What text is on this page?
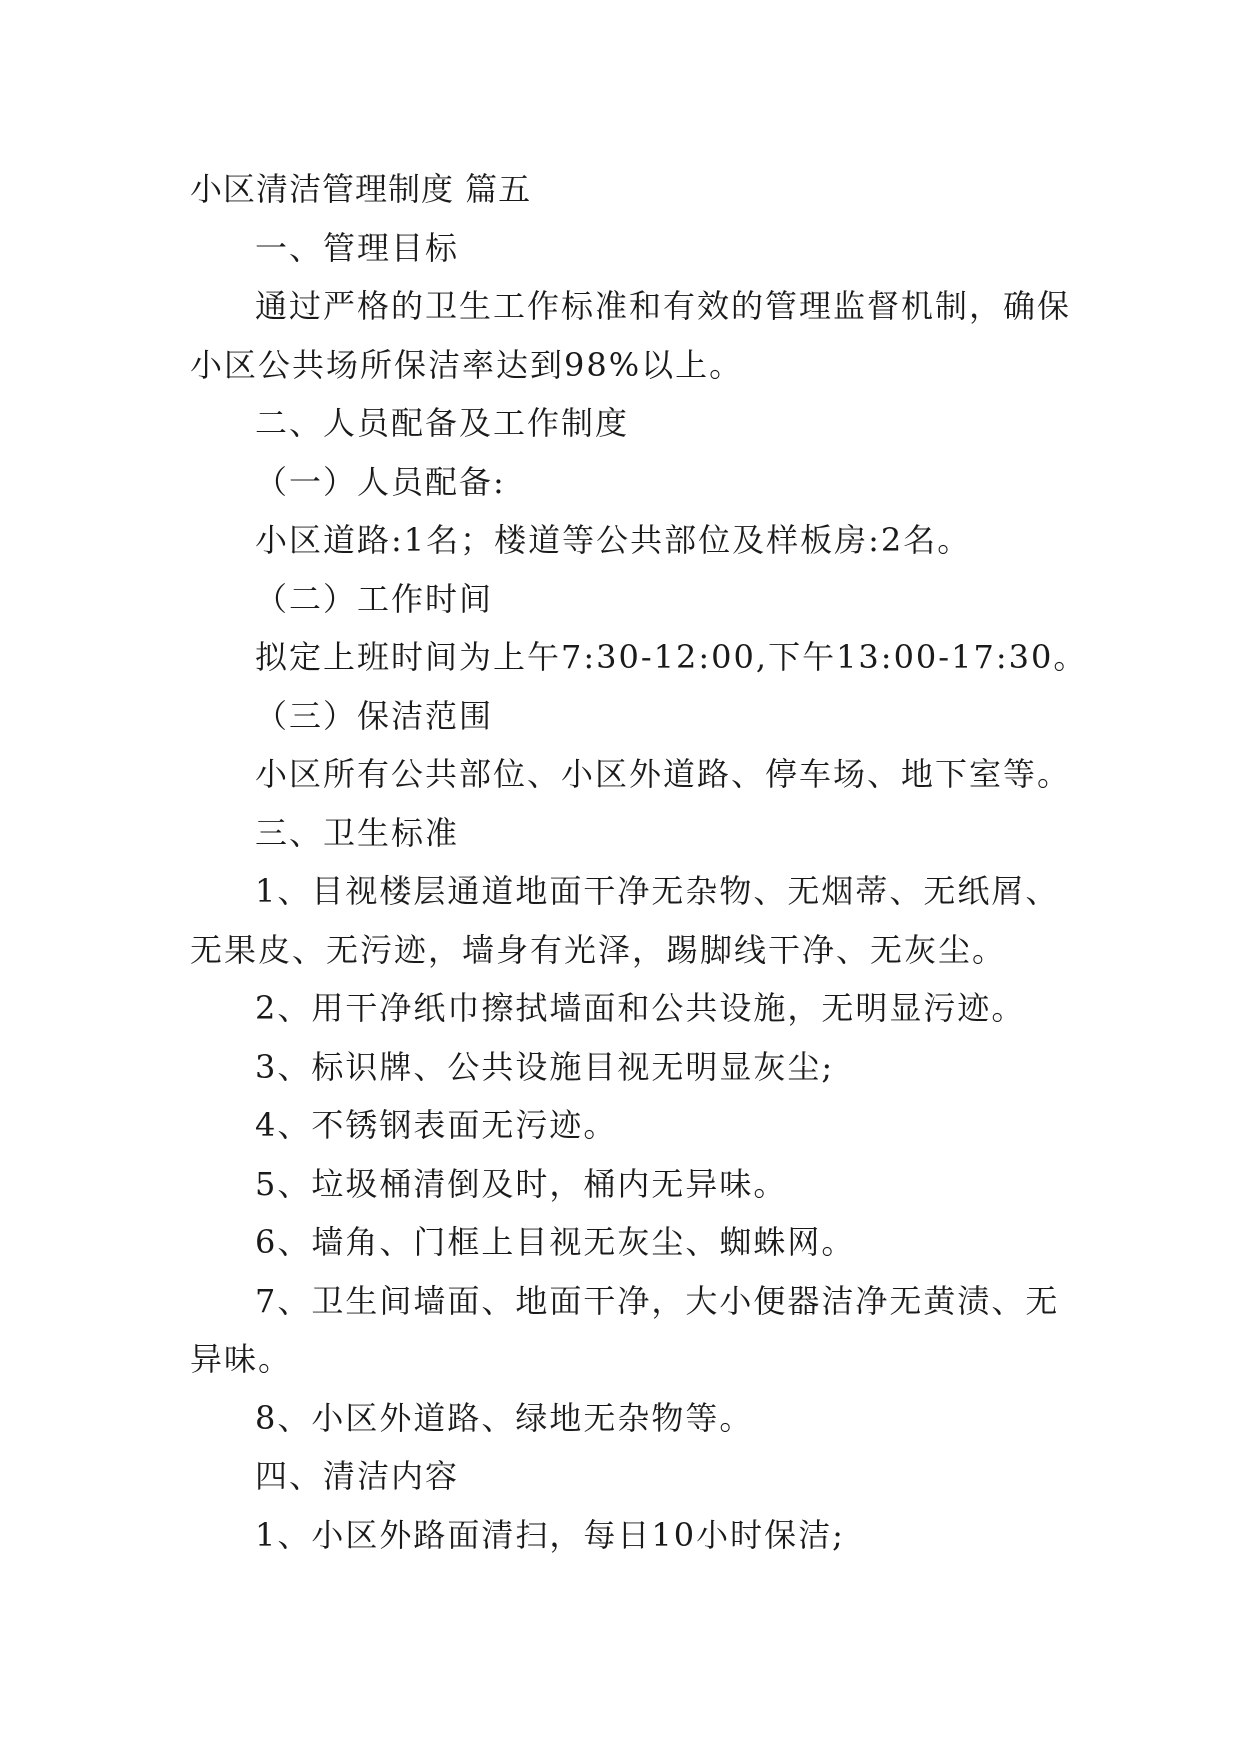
小区清洁管理制度 篇五
一、管理目标
通过严格的卫生工作标准和有效的管理监督机制，确保
小区公共场所保洁率达到98%以上。
二、人员配备及工作制度
（一）人员配备:
小区道路:1名；楼道等公共部位及样板房:2名。
（二）工作时间
拟定上班时间为上午7:30-12:00,下午13:00-17:30。
（三）保洁范围
小区所有公共部位、小区外道路、停车场、地下室等。
三、卫生标准
1、目视楼层通道地面干净无杂物、无烟蒂、无纸屑、
无果皮、无污迹，墙身有光泽，踢脚线干净、无灰尘。
2、用干净纸巾擦拭墙面和公共设施，无明显污迹。
3、标识牌、公共设施目视无明显灰尘;
4、不锈钢表面无污迹。
5、垃圾桶清倒及时，桶内无异味。
6、墙角、门框上目视无灰尘、蜘蛛网。
7、卫生间墙面、地面干净，大小便器洁净无黄渍、无
异味。
8、小区外道路、绿地无杂物等。
四、清洁内容
1、小区外路面清扫，每日10小时保洁;
